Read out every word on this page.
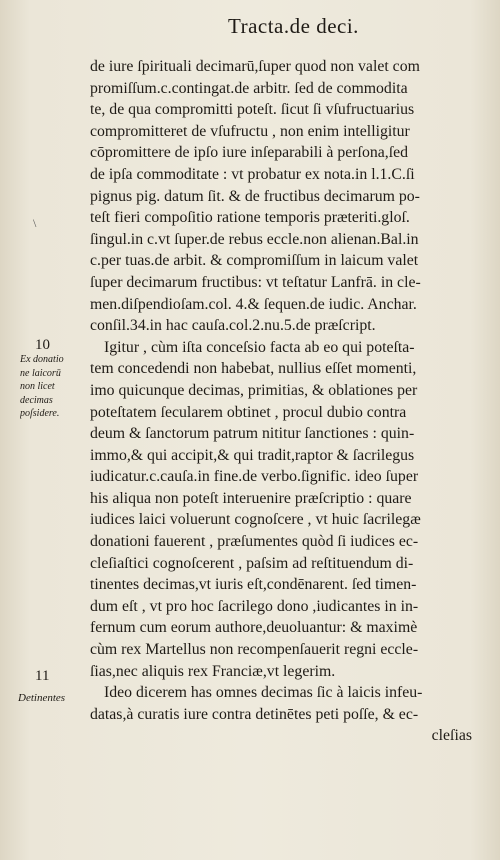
Tracta.de deci.
\
de iure ſpirituali decimarū,ſuper quod non valet com
promiſſum.c.contingat.de arbitr. ſed de commodita
te, de qua compromitti poteſt. ſicut ſi vſufructuarius
compromitteret de vſufructu , non enim intelligitur
cōpromittere de ipſo iure inſeparabili à perſona,ſed
de ipſa commoditate : vt probatur ex nota.in l.1.C.ſi
pignus pig. datum ſit. & de fructibus decimarum po-
teſt fieri compoſitio ratione temporis præteriti.gloſ.
ſingul.in c.vt ſuper.de rebus eccle.non alienan.Bal.in
c.per tuas.de arbit. & compromiſſum in laicum valet
ſuper decimarum fructibus: vt teſtatur Lanfrā. in cle-
men.diſpendioſam.col. 4.& ſequen.de iudic. Anchar.
conſil.34.in hac cauſa.col.2.nu.5.de præſcript.
Igitur , cùm iſta conceſsio facta ab eo qui poteſta-
tem concedendi non habebat, nullius eſſet momenti,
imo quicunque decimas, primitias, & oblationes per
poteſtatem ſecularem obtinet , procul dubio contra
deum & ſanctorum patrum nititur ſanctiones : quin-
immo,& qui accipit,& qui tradit,raptor & ſacrilegus
iudicatur.c.cauſa.in fine.de verbo.ſignific. ideo ſuper
his aliqua non poteſt interuenire præſcriptio : quare
iudices laici voluerunt cognoſcere , vt huic ſacrilegæ
donationi fauerent , præſumentes quòd ſi iudices ec-
cleſiaſtici cognoſcerent , paſsim ad reſtituendum di-
tinentes decimas,vt iuris eſt,condēnarent. ſed timen-
dum eſt , vt pro hoc ſacrilego dono ,iudicantes in in-
fernum cum eorum authore,deuoluantur: & maximè
cùm rex Martellus non recompenſauerit regni eccle-
ſias,nec aliquis rex Franciæ,vt legerim.
Ideo dicerem has omnes decimas ſic à laicis infeu-
datas,à curatis iure contra detinētes peti poſſe, & ec-
cleſias
10
11
Ex donatio
ne laicorū
non licet
decimas
poſsidere.
Detinentes
